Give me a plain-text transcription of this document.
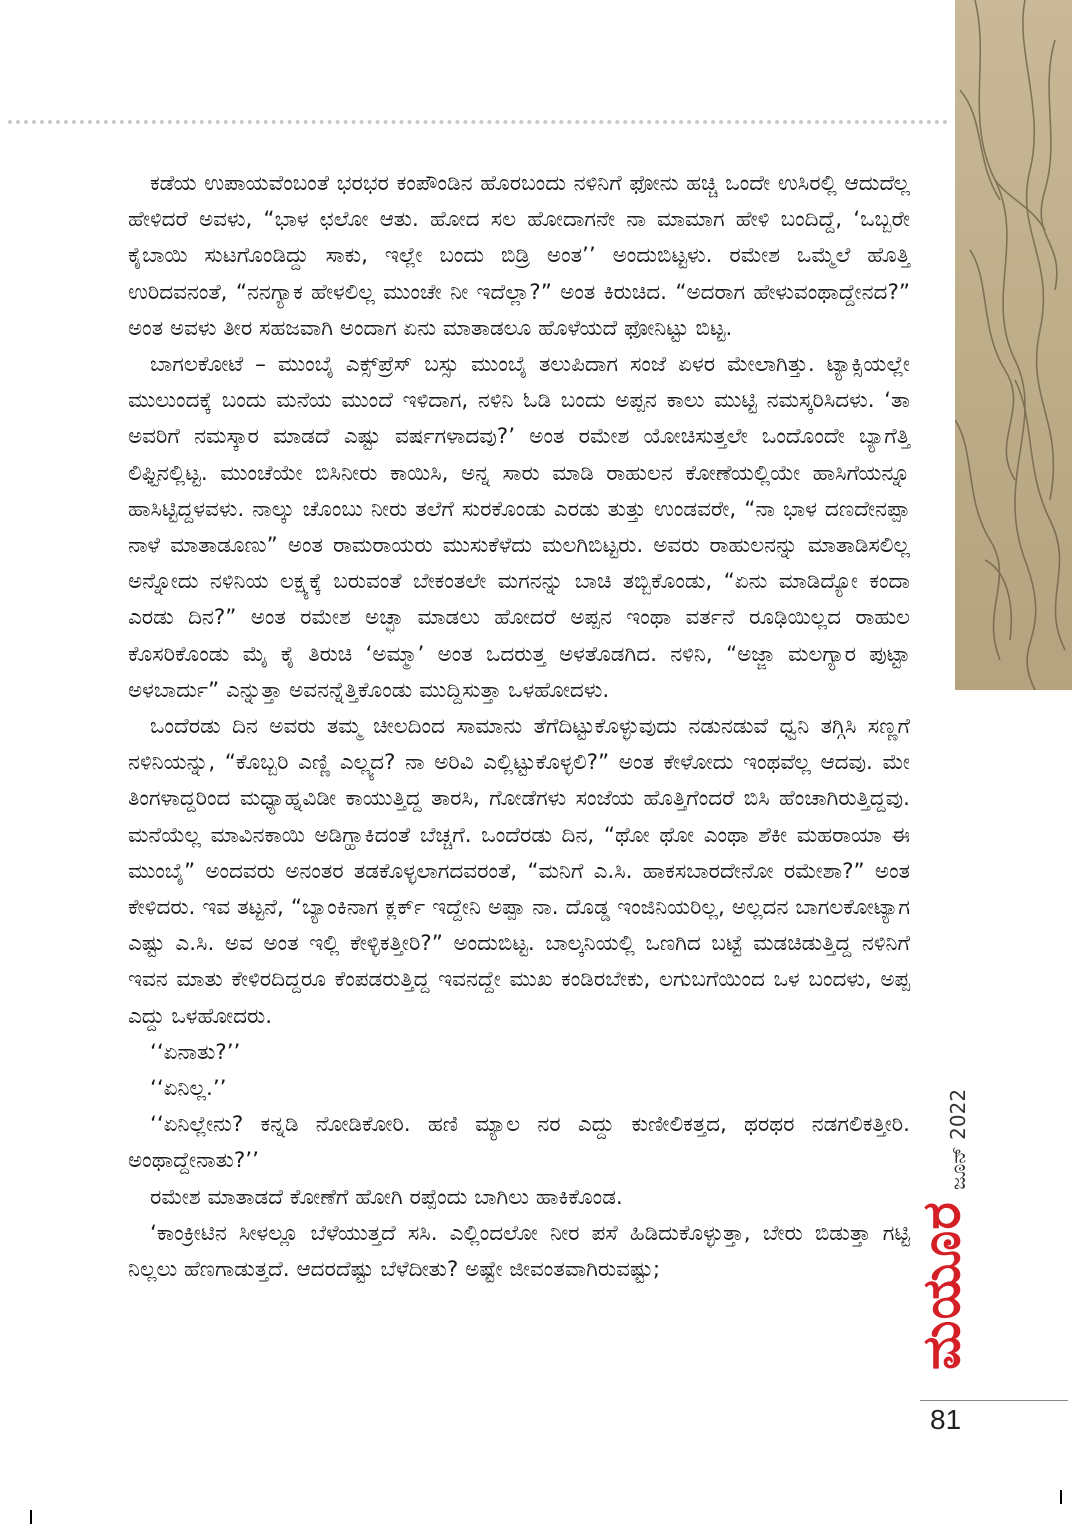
ಕಡೆಯ ಉಪಾಯವೆಂಬಂತೆ ಭರಭರ ಕಂಪೌಂಡಿನ ಹೊರಬಂದು ನಳಿನಿಗೆ ಫೋನು ಹಚ್ಚಿ ಒಂದೇ ಉಸಿರಲ್ಲಿ ಆದುದೆಲ್ಲ ಹೇಳಿದರೆ ಅವಳು, “ಭಾಳ ಛಲೋ ಆತು. ಹೋದ ಸಲ ಹೋದಾಗನೇ ನಾ ಮಾಮಾಗ ಹೇಳಿ ಬಂದಿದ್ದೆ, ‘ಒಬ್ಬರೇ ಕೈಬಾಯಿ ಸುಟಗೊಂಡಿದ್ದು ಸಾಕು, ಇಲ್ಲೇ ಬಂದು ಬಿಡ್ರಿ ಅಂತ’’ ಅಂದುಬಿಟ್ಟಳು. ರಮೇಶ ಒಮ್ಮೆಲೆ ಹೊತ್ತಿ ಉರಿದವನಂತೆ, “ನನಗ್ಯಾಕ ಹೇಳಲಿಲ್ಲ ಮುಂಚೇ ನೀ ಇದೆಲ್ಲಾ?” ಅಂತ ಕಿರುಚಿದ. “ಅದರಾಗ ಹೇಳುವಂಥಾದ್ದೇನದ?” ಅಂತ ಅವಳು ತೀರ ಸಹಜವಾಗಿ ಅಂದಾಗ ಏನು ಮಾತಾಡಲೂ ಹೊಳೆಯದೆ ಫೋನಿಟ್ಟು ಬಿಟ್ಟ.

ಬಾಗಲಕೋಟೆ – ಮುಂಬೈ ಎಕ್ಸ್‌ಪ್ರೆಸ್ ಬಸ್ಸು ಮುಂಬೈ ತಲುಪಿದಾಗ ಸಂಜೆ ಏಳರ ಮೇಲಾಗಿತ್ತು. ಟ್ಯಾಕ್ಸಿಯಲ್ಲೇ ಮುಲುಂದಕ್ಕೆ ಬಂದು ಮನೆಯ ಮುಂದೆ ಇಳಿದಾಗ, ನಳಿನಿ ಓಡಿ ಬಂದು ಅಪ್ಪನ ಕಾಲು ಮುಟ್ಟಿ ನಮಸ್ಕರಿಸಿದಳು. ‘ತಾ ಅವರಿಗೆ ನಮಸ್ಕಾರ ಮಾಡದೆ ಎಷ್ಟು ವರ್ಷಗಳಾದವು?’ ಅಂತ ರಮೇಶ ಯೋಚಿಸುತ್ತಲೇ ಒಂದೊಂದೇ ಬ್ಯಾಗೆತ್ತಿ ಲಿಫ್ಟಿನಲ್ಲಿಟ್ಟ. ಮುಂಚೆಯೇ ಬಿಸಿನೀರು ಕಾಯಿಸಿ, ಅನ್ನ ಸಾರು ಮಾಡಿ ರಾಹುಲನ ಕೋಣೆಯಲ್ಲಿಯೇ ಹಾಸಿಗೆಯನ್ನೂ ಹಾಸಿಟ್ಟಿದ್ದಳವಳು. ನಾಲ್ಕು ಚೊಂಬು ನೀರು ತಲೆಗೆ ಸುರಕೊಂಡು ಎರಡು ತುತ್ತು ಉಂಡವರೇ, “ನಾ ಭಾಳ ದಣದೇನಪ್ಪಾ ನಾಳೆ ಮಾತಾಡೂಣು” ಅಂತ ರಾಮರಾಯರು ಮುಸುಕೆಳೆದು ಮಲಗಿಬಿಟ್ಟರು. ಅವರು ರಾಹುಲನನ್ನು ಮಾತಾಡಿಸಲಿಲ್ಲ ಅನ್ನೋದು ನಳಿನಿಯ ಲಕ್ಷ್ಯಕ್ಕೆ ಬರುವಂತೆ ಬೇಕಂತಲೇ ಮಗನನ್ನು ಬಾಚಿ ತಬ್ಬಿಕೊಂಡು, “ಏನು ಮಾಡಿದ್ಯೋ ಕಂದಾ ಎರಡು ದಿನ?” ಅಂತ ರಮೇಶ ಅಚ್ಛಾ ಮಾಡಲು ಹೋದರೆ ಅಪ್ಪನ ಇಂಥಾ ವರ್ತನೆ ರೂಢಿಯಿಲ್ಲದ ರಾಹುಲ ಕೊಸರಿಕೊಂಡು ಮೈ ಕೈ ತಿರುಚಿ ‘ಅಮ್ಮಾ’ ಅಂತ ಒದರುತ್ತ ಅಳತೊಡಗಿದ. ನಳಿನಿ, “ಅಜ್ಜಾ ಮಲಗ್ಯಾರ ಪುಟ್ಟಾ ಅಳಬಾರ್ದು” ಎನ್ನುತ್ತಾ ಅವನನ್ನೆತ್ತಿಕೊಂಡು ಮುದ್ದಿಸುತ್ತಾ ಒಳಹೋದಳು.

ಒಂದೆರಡು ದಿನ ಅವರು ತಮ್ಮ ಚೀಲದಿಂದ ಸಾಮಾನು ತೆಗೆದಿಟ್ಟುಕೊಳ್ಳುವುದು ನಡುನಡುವೆ ಧ್ವನಿ ತಗ್ಗಿಸಿ ಸಣ್ಣಗೆ ನಳಿನಿಯನ್ನು, “ಕೊಬ್ಬರಿ ಎಣ್ಣಿ ಎಲ್ಲ್ಯದ? ನಾ ಅರಿವಿ ಎಲ್ಲಿಟ್ಟುಕೊಳ್ಳಲಿ?” ಅಂತ ಕೇಳೋದು ಇಂಥವೆಲ್ಲ ಆದವು. ಮೇ ತಿಂಗಳಾದ್ದರಿಂದ ಮಧ್ಯಾಹ್ನವಿಡೀ ಕಾಯುತ್ತಿದ್ದ ತಾರಸಿ, ಗೋಡೆಗಳು ಸಂಜೆಯ ಹೊತ್ತಿಗೆಂದರೆ ಬಿಸಿ ಹೆಂಚಾಗಿರುತ್ತಿದ್ದವು. ಮನೆಯೆಲ್ಲ ಮಾವಿನಕಾಯಿ ಅಡಿಗ್ಹಾಕಿದಂತೆ ಬೆಚ್ಚಗೆ. ಒಂದೆರಡು ದಿನ, “ಥೋ ಥೋ ಎಂಥಾ ಶೆಕೀ ಮಹರಾಯಾ ಈ ಮುಂಬೈ” ಅಂದವರು ಅನಂತರ ತಡಕೊಳ್ಳಲಾಗದವರಂತೆ, “ಮನಿಗೆ ಎ.ಸಿ. ಹಾಕಸಬಾರದೇನೋ ರಮೇಶಾ?” ಅಂತ ಕೇಳಿದರು. ಇವ ತಟ್ಟನೆ, “ಬ್ಯಾಂಕಿನಾಗ ಕ್ಲರ್ಕ್ ಇದ್ದೇನಿ ಅಪ್ಪಾ ನಾ. ದೊಡ್ಡ ಇಂಜಿನಿಯರಿಲ್ಲ, ಅಲ್ಲದನ ಬಾಗಲಕೋಟ್ಯಾಗ ಎಷ್ಟು ಎ.ಸಿ. ಅವ ಅಂತ ಇಲ್ಲಿ ಕೇಳ್ಳಿಕತ್ತೀರಿ?” ಅಂದುಬಿಟ್ಟ. ಬಾಲ್ಕನಿಯಲ್ಲಿ ಒಣಗಿದ ಬಟ್ಟೆ ಮಡಚಿಡುತ್ತಿದ್ದ ನಳಿನಿಗೆ ಇವನ ಮಾತು ಕೇಳಿರದಿದ್ದರೂ ಕೆಂಪಡರುತ್ತಿದ್ದ ಇವನದ್ದೇ ಮುಖ ಕಂಡಿರಬೇಕು, ಲಗುಬಗೆಯಿಂದ ಒಳ ಬಂದಳು, ಅಪ್ಪ ಎದ್ದು ಒಳಹೋದರು.

‘‘ಏನಾತು?’’

‘‘ಏನಿಲ್ಲ.’’

‘‘ಏನಿಲ್ಲೇನು? ಕನ್ನಡಿ ನೋಡಿಕೋರಿ. ಹಣಿ ಮ್ಯಾಲ ನರ ಎದ್ದು ಕುಣೀಲಿಕತ್ತದ, ಥರಥರ ನಡಗಲಿಕತ್ತೀರಿ. ಅಂಥಾದ್ದೇನಾತು?’’

ರಮೇಶ ಮಾತಾಡದೆ ಕೋಣೆಗೆ ಹೋಗಿ ರಪ್ಪೆಂದು ಬಾಗಿಲು ಹಾಕಿಕೊಂಡ.

‘ಕಾಂಕ್ರೀಟಿನ ಸೀಳಲ್ಲೂ ಬೆಳೆಯುತ್ತದೆ ಸಸಿ. ಎಲ್ಲಿಂದಲೋ ನೀರ ಪಸೆ ಹಿಡಿದುಕೊಳ್ಳುತ್ತಾ, ಬೇರು ಬಿಡುತ್ತಾ ಗಟ್ಟಿ ನಿಲ್ಲಲು ಹೆಣಗಾಡುತ್ತದೆ. ಆದರದೆಷ್ಟು ಬೆಳೆದೀತು? ಅಷ್ಟೇ ಜೀವಂತವಾಗಿರುವಷ್ಟು;

ಜೂನ್ 2022
ಮಯೂರ
81
